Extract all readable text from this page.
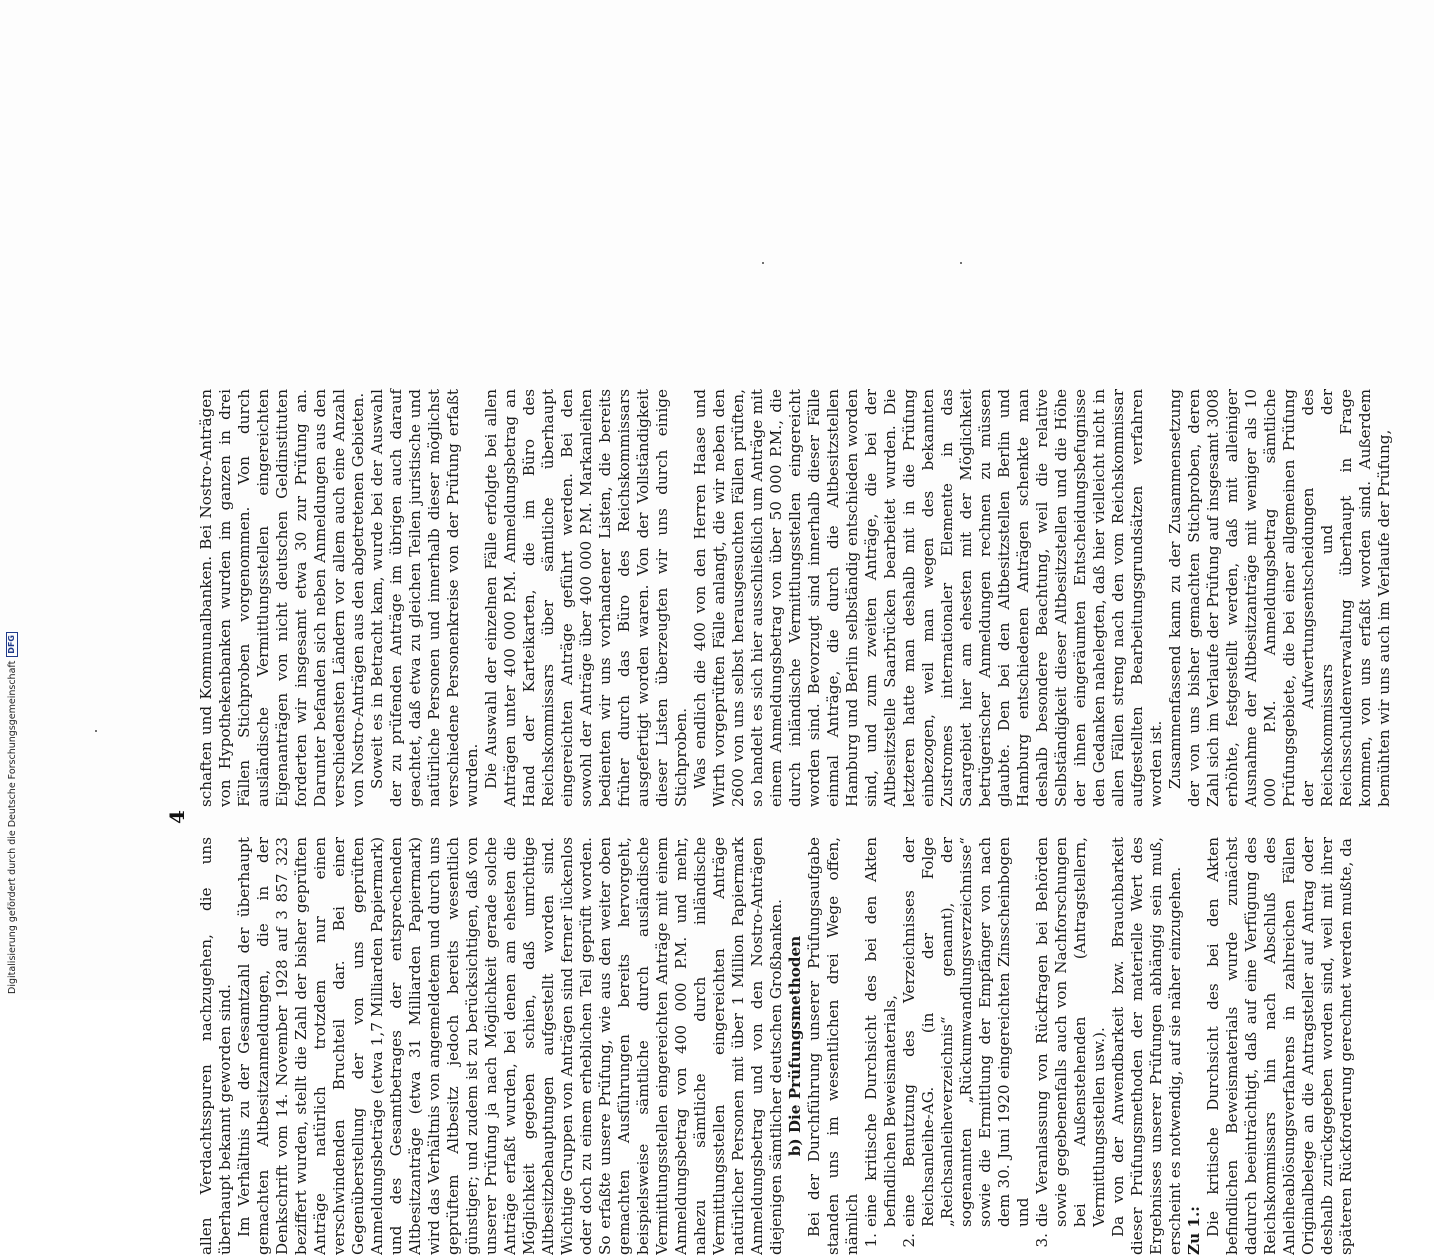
4

allen Verdachtsspuren nachzugehen, die uns überhaupt bekannt geworden sind. Im Verhältnis zu der Gesamtzahl der überhaupt gemachten Altbesitzanmeldungen, die in der Denkschrift vom 14. November 1928 auf 3 857 323 beziffert wurden, stellt die Zahl der bisher geprüften Anträge natürlich trotzdem nur einen verschwindenden Bruchteil dar. Bei einer Gegenüberstellung der von uns geprüften Anmeldungsbeträge (etwa 1,7 Milliarden Papiermark) und des Gesamtbetrages der entsprechenden Altbesitzanträge (etwa 31 Milliarden Papiermark) wird das Verhältnis von angemeldetem und durch uns geprüftem Altbesitz jedoch bereits wesentlich günstiger; und zudem ist zu berücksichtigen, daß von unserer Prüfung ja nach Möglichkeit gerade solche Anträge erfaßt wurden, bei denen am ehesten die Möglichkeit gegeben schien, daß unrichtige Altbesitzbehauptungen aufgestellt worden sind. Wichtige Gruppen von Anträgen sind ferner lückenlos oder doch zu einem erheblichen Teil geprüft worden. So erfaßte unsere Prüfung, wie aus den weiter oben gemachten Ausführungen bereits hervorgeht, beispielsweise sämtliche durch ausländische Vermittlungsstellen eingereichten Anträge mit einem Anmeldungsbetrag von 400 000 P.M. und mehr, nahezu sämtliche durch inländische Vermittlungsstellen eingereichten Anträge natürlicher Personen mit über 1 Million Papiermark Anmeldungsbetrag und von den Nostro-Anträgen diejenigen sämtlicher deutschen Großbanken. b) Die Prüfungsmethoden Bei der Durchführung unserer Prüfungsaufgabe standen uns im wesentlichen drei Wege offen, nämlich 1.
eine kritische Durchsicht des bei den Akten befindlichen Beweismaterials,
2.
eine Benutzung des Verzeichnisses der Reichsanleihe-AG. (in der Folge „Reichsanleiheverzeichnis“ genannt), der sogenannten „Rückumwandlungsverzeichnisse“ sowie die Ermittlung der Empfänger von nach dem 30. Juni 1920 eingereichten Zinsscheinbogen und
3.
die Veranlassung von Rückfragen bei Behörden sowie gegebenenfalls auch von Nachforschungen bei Außenstehenden (Antragstellern, Vermittlungsstellen usw.). Da von der Anwendbarkeit bzw. Brauchbarkeit dieser Prüfungsmethoden der materielle Wert des Ergebnisses unserer Prüfungen abhängig sein muß, erscheint es notwendig, auf sie näher einzugehen. Zu 1.: Die kritische Durchsicht des bei den Akten befindlichen Beweismaterials wurde zunächst dadurch beeinträchtigt, daß auf eine Verfügung des Reichskommissars hin nach Abschluß des Anleiheablösungsverfahrens in zahlreichen Fällen Originalbelege an die Antragsteller auf Antrag oder deshalb zurückgegeben worden sind, weil mit ihrer späteren Rückforderung gerechnet werden mußte, da

schaften und Kommunalbanken. Bei Nostro-Anträgen von Hypothekenbanken wurden im ganzen in drei Fällen Stichproben vorgenommen. Von durch ausländische Vermittlungsstellen eingereichten Eigenanträgen von nicht deutschen Geldinstituten forderten wir insgesamt etwa 30 zur Prüfung an. Darunter befanden sich neben Anmeldungen aus den verschiedensten Ländern vor allem auch eine Anzahl von Nostro-Anträgen aus den abgetretenen Gebieten. Soweit es in Betracht kam, wurde bei der Auswahl der zu prüfenden Anträge im übrigen auch darauf geachtet, daß etwa zu gleichen Teilen juristische und natürliche Personen und innerhalb dieser möglichst verschiedene Personenkreise von der Prüfung erfaßt wurden. Die Auswahl der einzelnen Fälle erfolgte bei allen Anträgen unter 400 000 P.M. Anmeldungsbetrag an Hand der Karteikarten, die im Büro des Reichskommissars über sämtliche überhaupt eingereichten Anträge geführt werden. Bei den sowohl der Anträge über 400 000 P.M. Markanleihen bedienten wir uns vorhandener Listen, die bereits früher durch das Büro des Reichskommissars ausgefertigt worden waren. Von der Vollständigkeit dieser Listen überzeugten wir uns durch einige Stichproben. Was endlich die 400 von den Herren Haase und Wirth vorgeprüften Fälle anlangt, die wir neben den 2600 von uns selbst herausgesuchten Fällen prüften, so handelt es sich hier ausschließlich um Anträge mit einem Anmeldungsbetrag von über 50 000 P.M., die durch inländische Vermittlungsstellen eingereicht worden sind. Bevorzugt sind innerhalb dieser Fälle einmal Anträge, die durch die Altbesitzstellen Hamburg und Berlin selbständig entschieden worden sind, und zum zweiten Anträge, die bei der Altbesitzstelle Saarbrücken bearbeitet wurden. Die letzteren hatte man deshalb mit in die Prüfung einbezogen, weil man wegen des bekannten Zustromes internationaler Elemente in das Saargebiet hier am ehesten mit der Möglichkeit betrügerischer Anmeldungen rechnen zu müssen glaubte. Den bei den Altbesitzstellen Berlin und Hamburg entschiedenen Anträgen schenkte man deshalb besondere Beachtung, weil die relative Selbständigkeit dieser Altbesitzstellen und die Höhe der ihnen eingeräumten Entscheidungsbefugnisse den Gedanken nahelegten, daß hier vielleicht nicht in allen Fällen streng nach den vom Reichskommissar aufgestellten Bearbeitungsgrundsätzen verfahren worden ist. Zusammenfassend kann zu der Zusammensetzung der von uns bisher gemachten Stichproben, deren Zahl sich im Verlaufe der Prüfung auf insgesamt 3008 erhöhte, festgestellt werden, daß mit alleiniger Ausnahme der Altbesitzanträge mit weniger als 10 000 P.M. Anmeldungsbetrag sämtliche Prüfungsgebiete, die bei einer allgemeinen Prüfung der Aufwertungsentscheidungen des Reichskommissars und der Reichsschuldenverwaltung überhaupt in Frage kommen, von uns erfaßt worden sind. Außerdem bemühten wir uns auch im Verlaufe der Prüfung,

Digitalisierung gefördert durch die Deutsche Forschungsgemeinschaft
DFG
